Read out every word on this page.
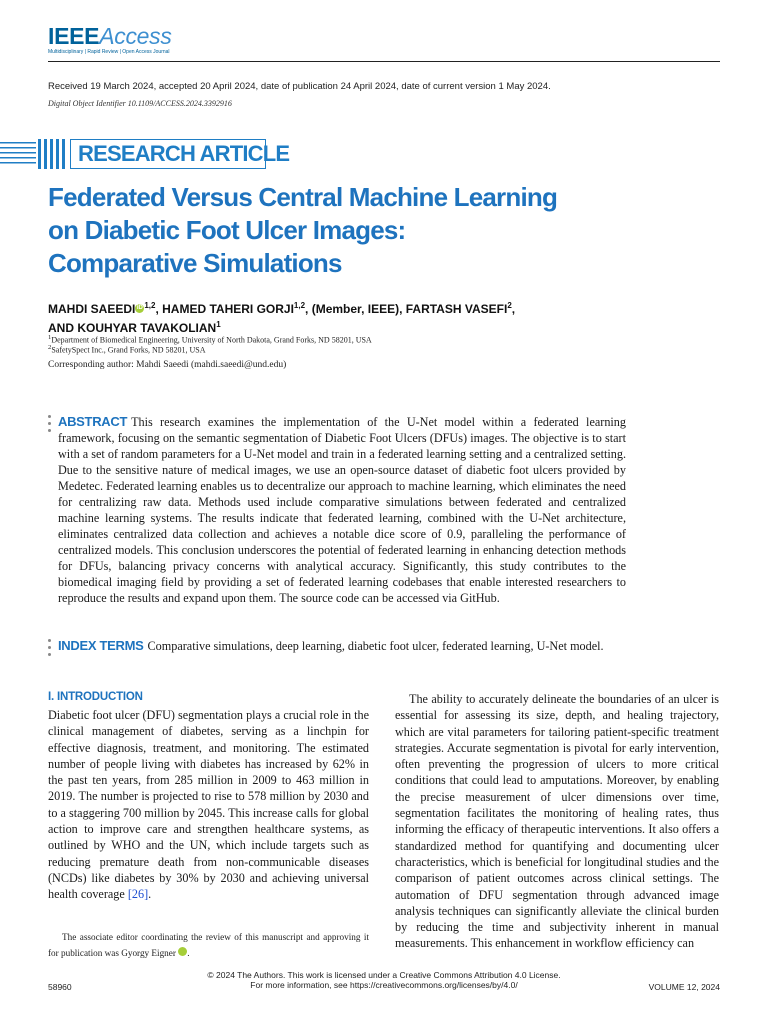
IEEEAccess
Multidisciplinary | Rapid Review | Open Access Journal
Received 19 March 2024, accepted 20 April 2024, date of publication 24 April 2024, date of current version 1 May 2024.
Digital Object Identifier 10.1109/ACCESS.2024.3392916
RESEARCH ARTICLE
Federated Versus Central Machine Learning
on Diabetic Foot Ulcer Images:
Comparative Simulations
MAHDI SAEEDI iD $^{1,2}$, HAMED TAHERI GORJI$^{1,2}$, (Member, IEEE), FARTASH VASEFI$^2$,
AND KOUHYAR TAVAKOLIAN$^1$
$^1$Department of Biomedical Engineering, University of North Dakota, Grand Forks, ND 58201, USA
$^2$SafetySpect Inc., Grand Forks, ND 58201, USA
Corresponding author: Mahdi Saeedi (mahdi.saeedi@und.edu)
ABSTRACT This research examines the implementation of the U-Net model within a federated learning framework, focusing on the semantic segmentation of Diabetic Foot Ulcers (DFUs) images. The objective is to start with a set of random parameters for a U-Net model and train in a federated learning setting and a centralized setting. Due to the sensitive nature of medical images, we use an open-source dataset of diabetic foot ulcers provided by Medetec. Federated learning enables us to decentralize our approach to machine learning, which eliminates the need for centralizing raw data. Methods used include comparative simulations between federated and centralized machine learning systems. The results indicate that federated learning, combined with the U-Net architecture, eliminates centralized data collection and achieves a notable dice score of 0.9, paralleling the performance of centralized models. This conclusion underscores the potential of federated learning in enhancing detection methods for DFUs, balancing privacy concerns with analytical accuracy. Significantly, this study contributes to the biomedical imaging field by providing a set of federated learning codebases that enable interested researchers to reproduce the results and expand upon them. The source code can be accessed via GitHub.
INDEX TERMS Comparative simulations, deep learning, diabetic foot ulcer, federated learning, U-Net model.
I. INTRODUCTION
Diabetic foot ulcer (DFU) segmentation plays a crucial role in the clinical management of diabetes, serving as a linchpin for effective diagnosis, treatment, and monitoring. The estimated number of people living with diabetes has increased by 62% in the past ten years, from 285 million in 2009 to 463 million in 2019. The number is projected to rise to 578 million by 2030 and to a staggering 700 million by 2045. This increase calls for global action to improve care and strengthen healthcare systems, as outlined by WHO and the UN, which include targets such as reducing premature death from non-communicable diseases (NCDs) like diabetes by 30% by 2030 and achieving universal health coverage [26].
The ability to accurately delineate the boundaries of an ulcer is essential for assessing its size, depth, and healing trajectory, which are vital parameters for tailoring patient-specific treatment strategies. Accurate segmentation is pivotal for early intervention, often preventing the progression of ulcers to more critical conditions that could lead to amputations. Moreover, by enabling the precise measurement of ulcer dimensions over time, segmentation facilitates the monitoring of healing rates, thus informing the efficacy of therapeutic interventions. It also offers a standardized method for quantifying and documenting ulcer characteristics, which is beneficial for longitudinal studies and the comparison of patient outcomes across clinical settings. The automation of DFU segmentation through advanced image analysis techniques can significantly alleviate the clinical burden by reducing the time and subjectivity inherent in manual measurements. This enhancement in workflow efficiency can
The associate editor coordinating the review of this manuscript and approving it for publication was Gyorgy Eigner	iD.
© 2024 The Authors. This work is licensed under a Creative Commons Attribution 4.0 License.
For more information, see https://creativecommons.org/licenses/by/4.0/
58960	VOLUME 12, 2024
